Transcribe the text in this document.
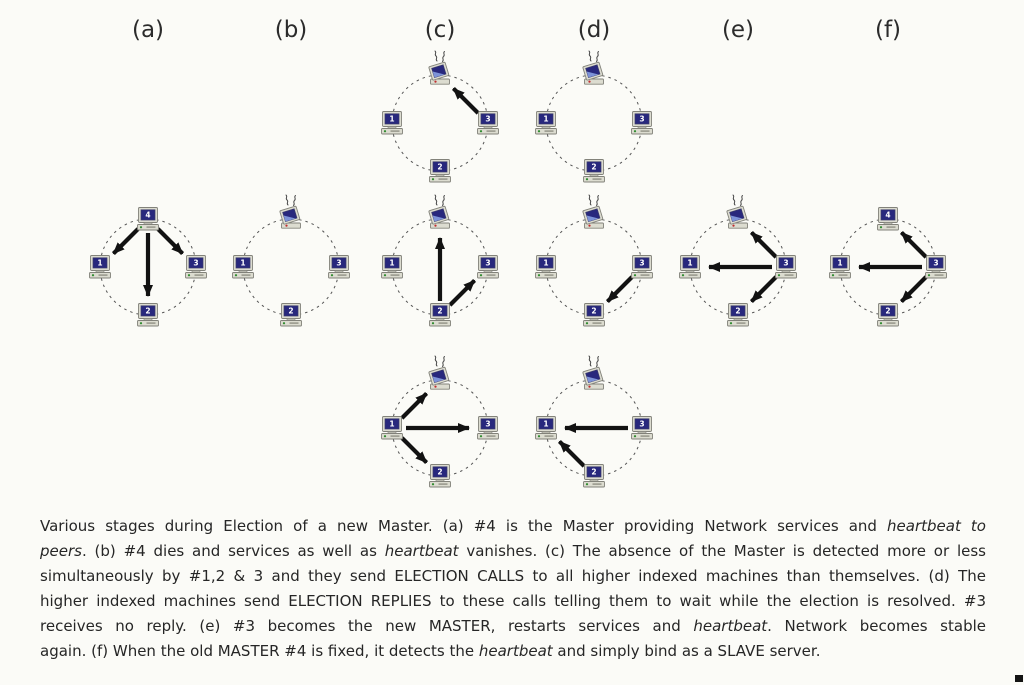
(a)	(b)	(c)	(d)	(e)	(f)
1	3
2
1	3
2
4
1	3
2
1	3
2
1	3
2
1	3
2
1	3
2
4
1	3
2
1	3
2
1	3
2
Various stages during Election of a new Master. (a) #4 is the Master providing Network services and heartbeat to
peers. (b) #4 dies and services as well as heartbeat vanishes. (c) The absence of the Master is detected more or less
simultaneously by #1,2 & 3 and they send ELECTION CALLS to all higher indexed machines than themselves. (d) The
higher indexed machines send ELECTION REPLIES to these calls telling them to wait while the election is resolved. #3
receives no reply. (e) #3 becomes the new MASTER, restarts services and heartbeat. Network becomes stable
again. (f) When the old MASTER #4 is fixed, it detects the heartbeat and simply bind as a SLAVE server.
